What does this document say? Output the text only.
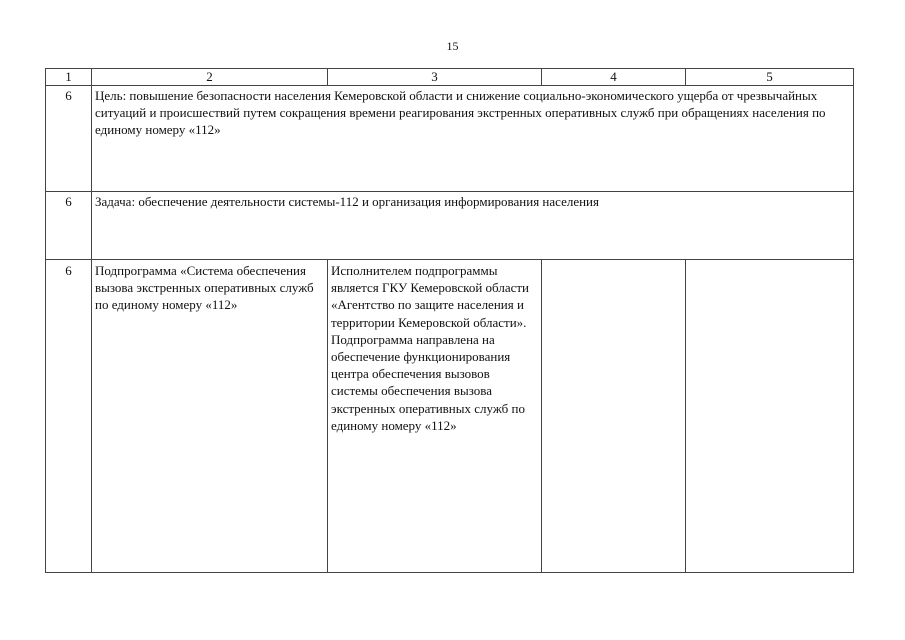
15
1	2	3	4	5
6	Цель: повышение безопасности населения Кемеровской области и снижение социально-экономического ущерба от чрезвычайных ситуаций и происшествий путем сокращения времени реагирования экстренных оперативных служб при обращениях населения по единому номеру «112»			
6	Задача: обеспечение деятельности системы-112 и организация информирования населения			
6	Подпрограмма «Система обеспечения вызова экстренных оперативных служб по единому номеру «112»	Исполнителем подпрограммы является ГКУ Кемеровской области «Агентство по защите населения и территории Кемеровской области». Подпрограмма направлена на обеспечение функционирования центра обеспечения вызовов системы обеспечения вызова экстренных оперативных служб по единому номеру «112»		
